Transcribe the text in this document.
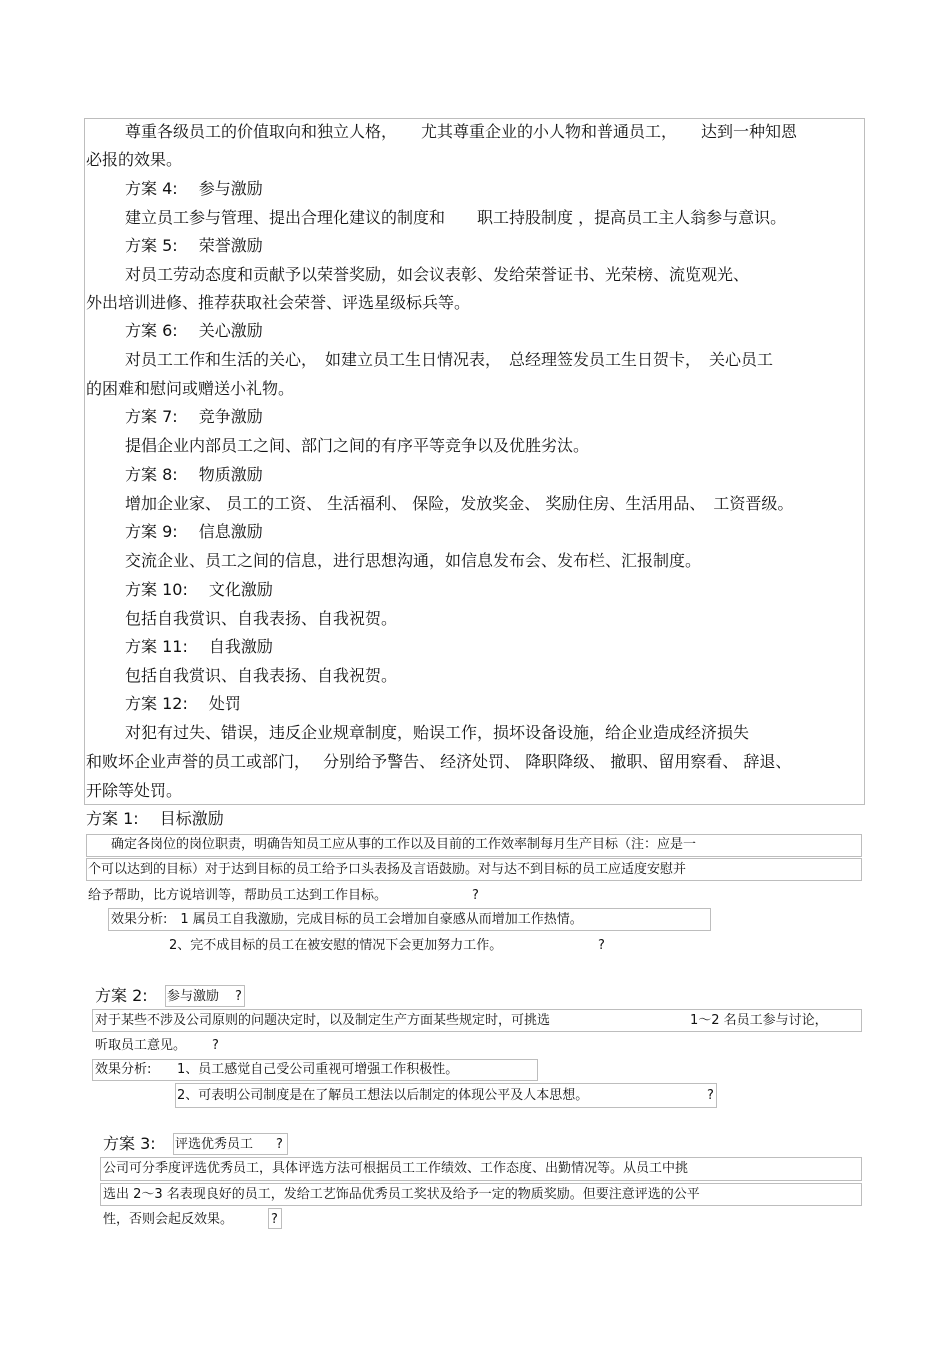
尊重各级员工的价值取向和独立人格，　　尤其尊重企业的小人物和普通员工，　　达到一种知恩
必报的效果。
方案 4:　 参与激励
建立员工参与管理、提出合理化建议的制度和　　职工持股制度 ，提高员工主人翁参与意识。
方案 5:　 荣誉激励
对员工劳动态度和贡献予以荣誉奖励，如会议表彰、发给荣誉证书、光荣榜、流览观光、
外出培训进修、推荐获取社会荣誉、评选星级标兵等。
方案 6:　 关心激励
对员工工作和生活的关心，　如建立员工生日情况表，　总经理签发员工生日贺卡，　关心员工
的困难和慰问或赠送小礼物。
方案 7:　 竞争激励
提倡企业内部员工之间、部门之间的有序平等竞争以及优胜劣汰。
方案 8:　 物质激励
增加企业家、 员工的工资、 生活福利、 保险，发放奖金、 奖励住房、生活用品、　工资晋级。
方案 9:　 信息激励
交流企业、员工之间的信息，进行思想沟通，如信息发布会、发布栏、汇报制度。
方案 10:　 文化激励
包括自我赏识、自我表扬、自我祝贺。
方案 11:　 自我激励
包括自我赏识、自我表扬、自我祝贺。
方案 12:　 处罚
对犯有过失、错误，违反企业规章制度，贻误工作，损坏设备设施，给企业造成经济损失
和败坏企业声誉的员工或部门，　 分别给予警告、 经济处罚、 降职降级、 撤职、留用察看、 辞退、
开除等处罚。
方案 1:　 目标激励
确定各岗位的岗位职责，明确告知员工应从事的工作以及目前的工作效率制每月生产目标（注：应是一
个可以达到的目标）对于达到目标的员工给予口头表扬及言语鼓励。对与达不到目标的员工应适度安慰并
给予帮助，比方说培训等，帮助员工达到工作目标。	?
效果分析:　1 属员工自我激励，完成目标的员工会增加自豪感从而增加工作热情。
2、完不成目标的员工在被安慰的情况下会更加努力工作。	?
方案 2: 参与激励 ?
对于某些不涉及公司原则的问题决定时，以及制定生产方面某些规定时，可挑选	1～2 名员工参与讨论，
听取员工意见。 ?
效果分析: 1、员工感觉自己受公司重视可增强工作积极性。
2、可表明公司制度是在了解员工想法以后制定的体现公平及人本思想。	?
方案 3: 评选优秀员工 ?
公司可分季度评选优秀员工，具体评选方法可根据员工工作绩效、工作态度、出勤情况等。从员工中挑
选出 2～3 名表现良好的员工，发给工艺饰品优秀员工奖状及给予一定的物质奖励。但要注意评选的公平
性，否则会起反效果。	?
